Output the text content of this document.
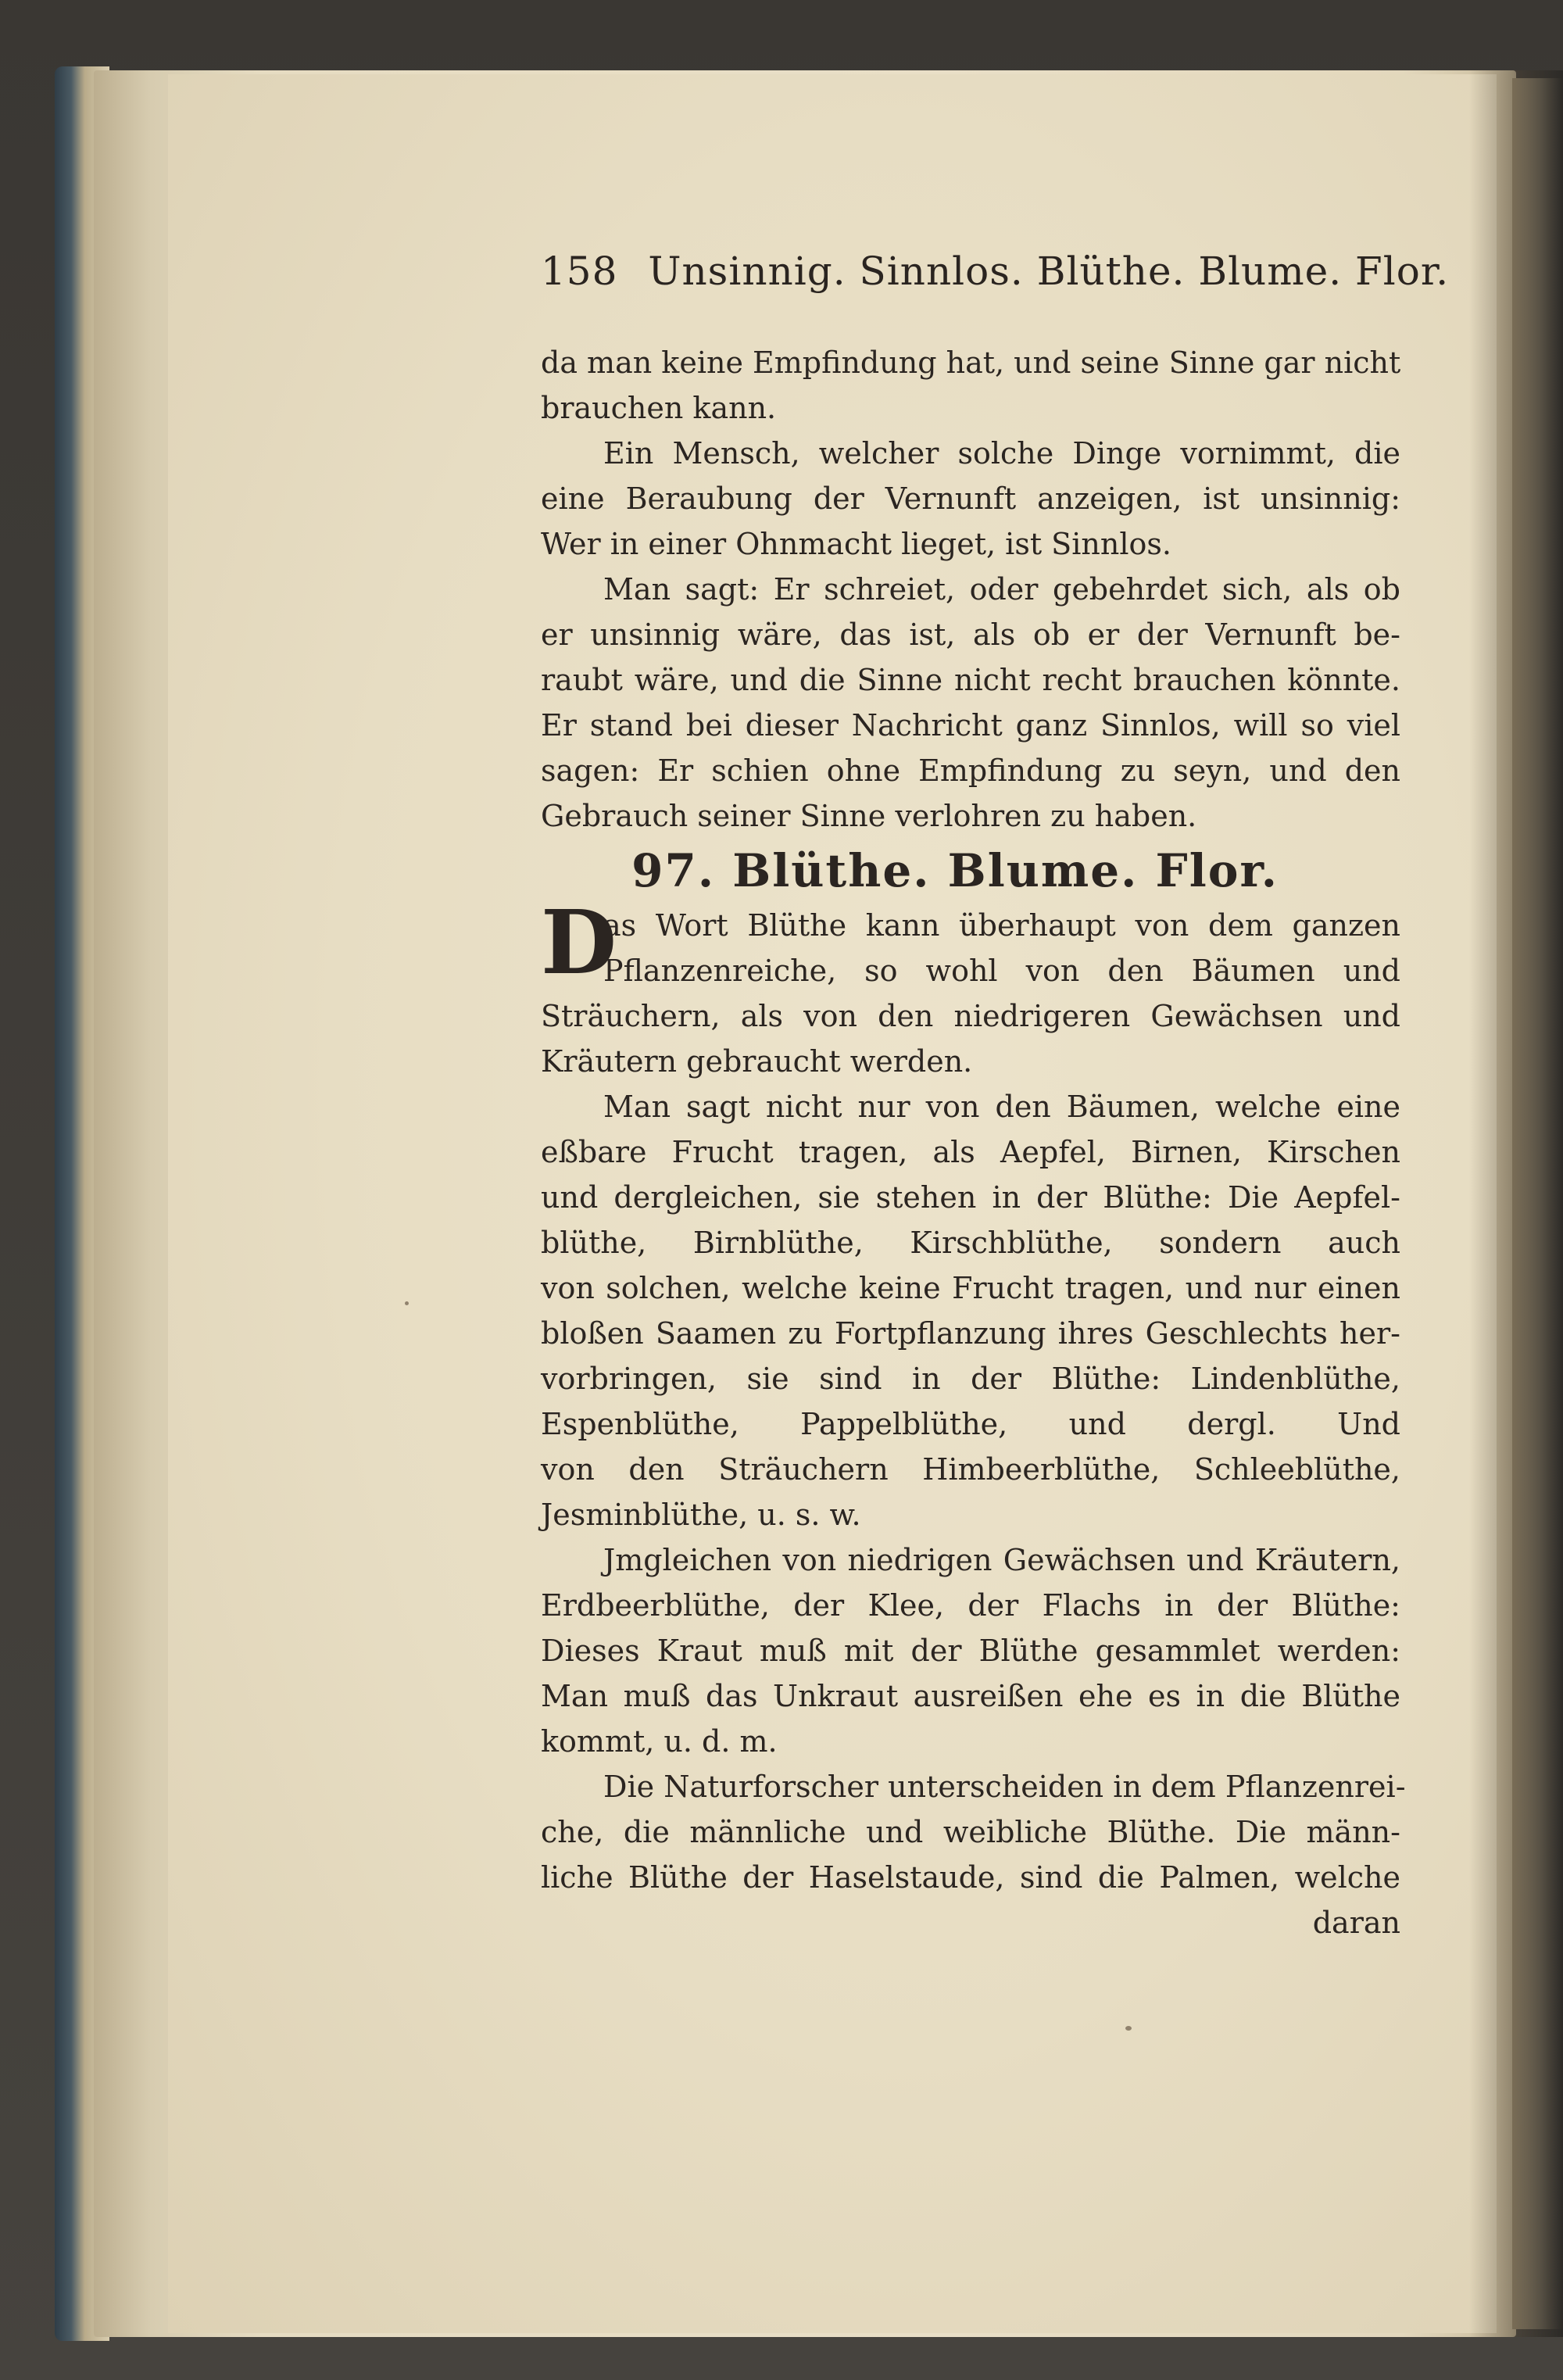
158 Unsinnig. Sinnlos. Blüthe. Blume. Flor.
da man keine Empfindung hat, und seine Sinne gar nicht
brauchen kann.
Ein Mensch, welcher solche Dinge vornimmt, die
eine Beraubung der Vernunft anzeigen, ist unsinnig:
Wer in einer Ohnmacht lieget, ist Sinnlos.
Man sagt: Er schreiet, oder gebehrdet sich, als ob
er unsinnig wäre, das ist, als ob er der Vernunft be-
raubt wäre, und die Sinne nicht recht brauchen könnte.
Er stand bei dieser Nachricht ganz Sinnlos, will so viel
sagen: Er schien ohne Empfindung zu seyn, und den
Gebrauch seiner Sinne verlohren zu haben.
97. Blüthe. Blume. Flor.
D
as Wort Blüthe kann überhaupt von dem ganzen
Pflanzenreiche, so wohl von den Bäumen und
Sträuchern, als von den niedrigeren Gewächsen und
Kräutern gebraucht werden.
Man sagt nicht nur von den Bäumen, welche eine
eßbare Frucht tragen, als Aepfel, Birnen, Kirschen
und dergleichen, sie stehen in der Blüthe: Die Aepfel-
blüthe, Birnblüthe, Kirschblüthe, sondern auch
von solchen, welche keine Frucht tragen, und nur einen
bloßen Saamen zu Fortpflanzung ihres Geschlechts her-
vorbringen, sie sind in der Blüthe: Lindenblüthe,
Espenblüthe, Pappelblüthe, und dergl. Und
von den Sträuchern Himbeerblüthe, Schleeblüthe,
Jesminblüthe, u. s. w.
Jmgleichen von niedrigen Gewächsen und Kräutern,
Erdbeerblüthe, der Klee, der Flachs in der Blüthe:
Dieses Kraut muß mit der Blüthe gesammlet werden:
Man muß das Unkraut ausreißen ehe es in die Blüthe
kommt, u. d. m.
Die Naturforscher unterscheiden in dem Pflanzenrei-
che, die männliche und weibliche Blüthe. Die männ-
liche Blüthe der Haselstaude, sind die Palmen, welche
daran
